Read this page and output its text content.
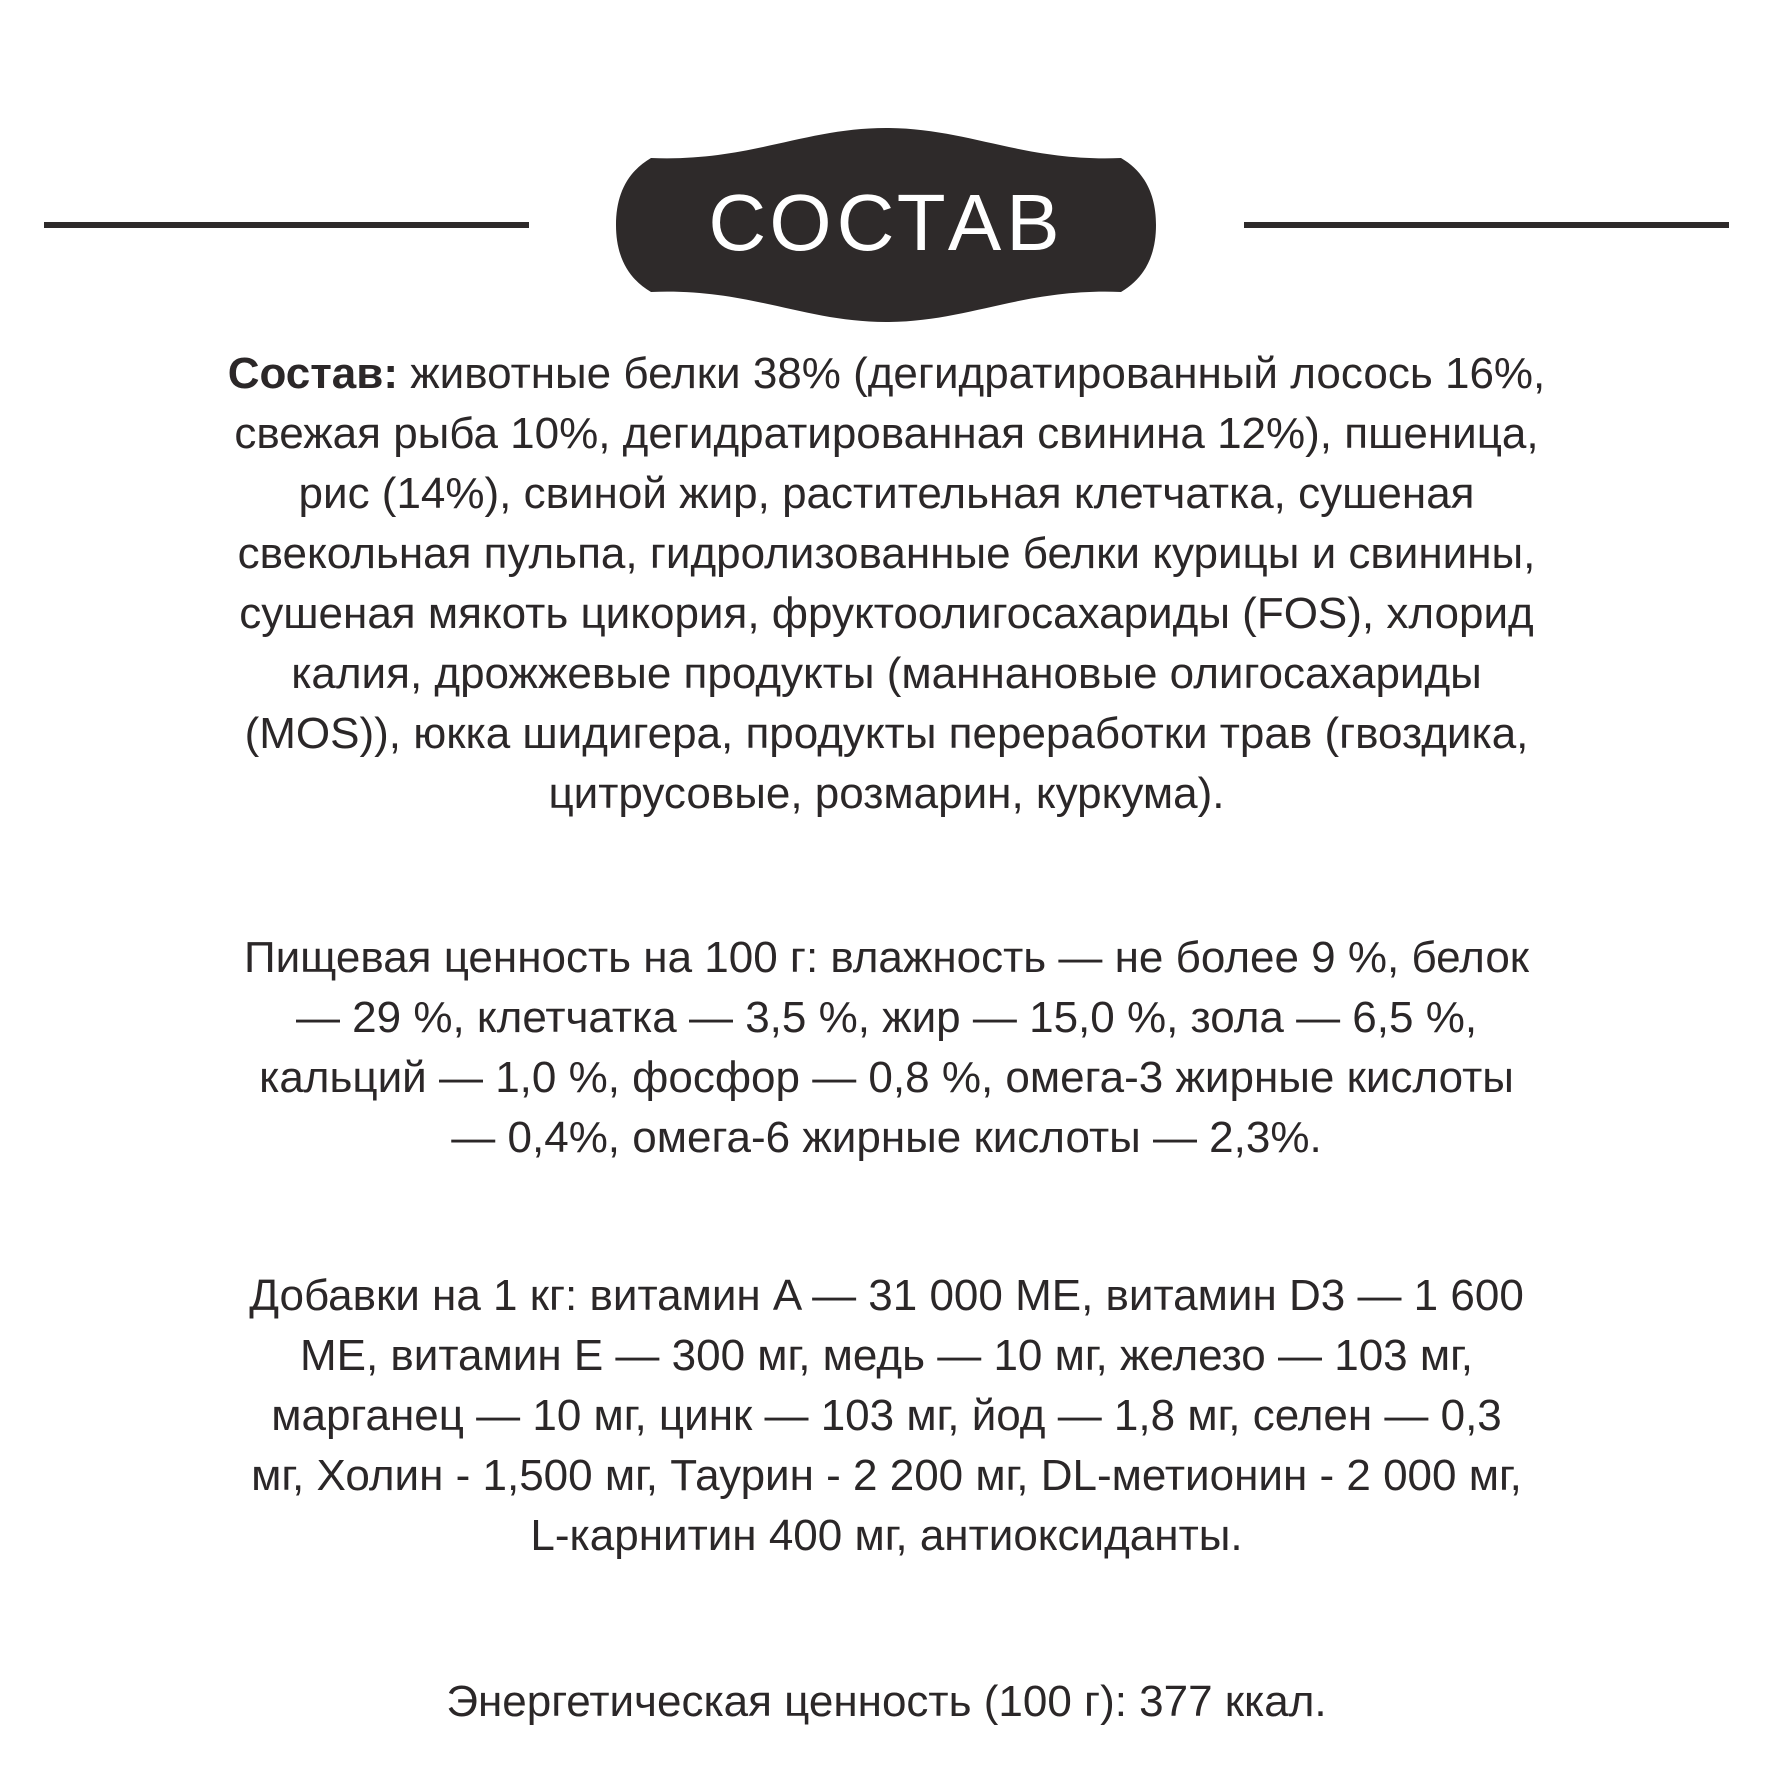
СОСТАВ
Состав: животные белки 38% (дегидратированный лосось 16%,
свежая рыба 10%, дегидратированная свинина 12%), пшеница,
рис (14%), свиной жир, растительная клетчатка, сушеная
свекольная пульпа, гидролизованные белки курицы и свинины,
сушеная мякоть цикория, фруктоолигосахариды (FOS), хлорид
калия, дрожжевые продукты (маннановые олигосахариды
(MOS)), юкка шидигера, продукты переработки трав (гвоздика,
цитрусовые, розмарин, куркума).
Пищевая ценность на 100 г: влажность — не более 9 %, белок
— 29 %, клетчатка — 3,5 %, жир — 15,0 %, зола — 6,5 %,
кальций — 1,0 %, фосфор — 0,8 %, омега-3 жирные кислоты
— 0,4%, омега-6 жирные кислоты — 2,3%.
Добавки на 1 кг: витамин A — 31 000 ME, витамин D3 — 1 600
ME, витамин E — 300 мг, медь — 10 мг, железо — 103 мг,
марганец — 10 мг, цинк — 103 мг, йод — 1,8 мг, селен — 0,3
мг, Холин - 1,500 мг, Таурин - 2 200 мг, DL-метионин - 2 000 мг,
L-карнитин 400 мг, антиоксиданты.
Энергетическая ценность (100 г): 377 ккал.
